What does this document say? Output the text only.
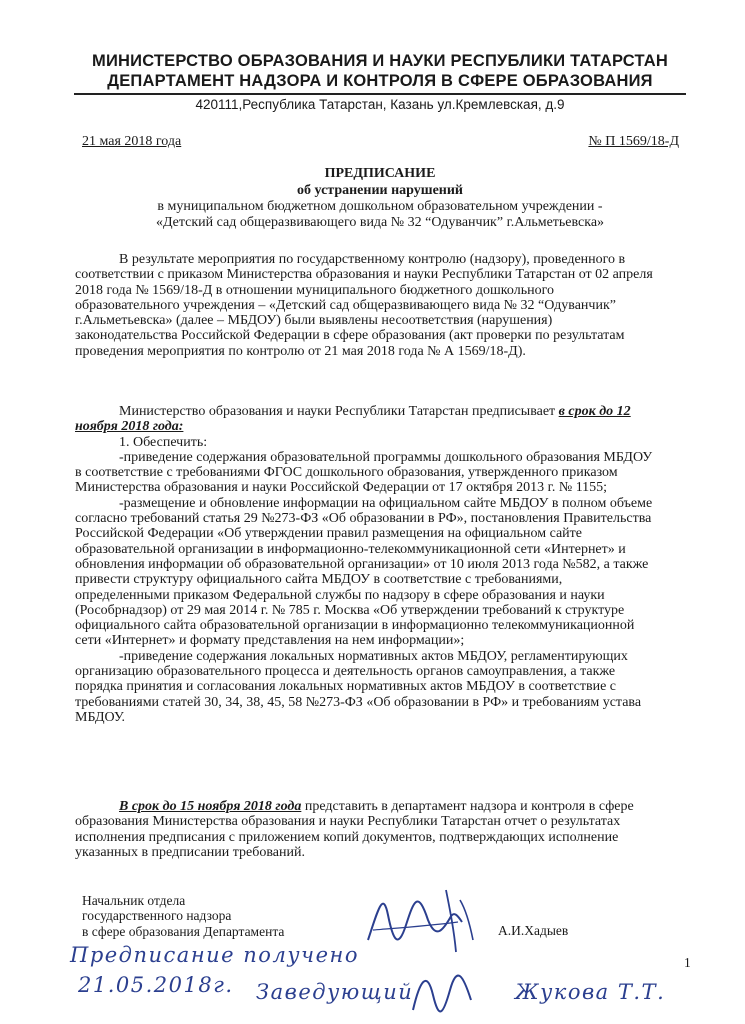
МИНИСТЕРСТВО ОБРАЗОВАНИЯ И НАУКИ РЕСПУБЛИКИ ТАТАРСТАН
ДЕПАРТАМЕНТ НАДЗОРА И КОНТРОЛЯ В СФЕРЕ ОБРАЗОВАНИЯ
420111,Республика Татарстан, Казань ул.Кремлевская, д.9
21 мая 2018 года	№ П 1569/18-Д
ПРЕДПИСАНИЕ
об устранении нарушений
в муниципальном бюджетном дошкольном образовательном учреждении -
«Детский сад общеразвивающего вида № 32 “Одуванчик” г.Альметьевска»
В результате мероприятия по государственному контролю (надзору), проведенного в
соответствии с приказом Министерства образования и науки Республики Татарстан от 02 апреля
2018 года № 1569/18-Д в отношении муниципального бюджетного дошкольного
образовательного учреждения – «Детский сад общеразвивающего вида № 32 “Одуванчик”
г.Альметьевска» (далее – МБДОУ) были выявлены несоответствия (нарушения)
законодательства Российской Федерации в сфере образования (акт проверки по результатам
проведения мероприятия по контролю от 21 мая 2018 года № А 1569/18-Д).
Министерство образования и науки Республики Татарстан предписывает в срок до 12
ноября 2018 года:
1. Обеспечить:
-приведение содержания образовательной программы дошкольного образования МБДОУ
в соответствие с требованиями ФГОС дошкольного образования, утвержденного приказом
Министерства образования и науки Российской Федерации от 17 октября 2013 г. № 1155;
-размещение и обновление информации на официальном сайте МБДОУ в полном объеме
согласно требований статья 29 №273-ФЗ «Об образовании в РФ», постановления Правительства
Российской Федерации «Об утверждении правил размещения на официальном сайте
образовательной организации в информационно-телекоммуникационной сети «Интернет» и
обновления информации об образовательной организации» от 10 июля 2013 года №582, а также
привести структуру официального сайта МБДОУ в соответствие с требованиями,
определенными приказом Федеральной службы по надзору в сфере образования и науки
(Рособрнадзор) от 29 мая 2014 г. № 785 г. Москва «Об утверждении требований к структуре
официального сайта образовательной организации в информационно телекоммуникационной
сети «Интернет» и формату представления на нем информации»;
-приведение содержания локальных нормативных актов МБДОУ, регламентирующих
организацию образовательного процесса и деятельность органов самоуправления, а также
порядка принятия и согласования локальных нормативных актов МБДОУ в соответствие с
требованиями статей 30, 34, 38, 45, 58 №273-ФЗ «Об образовании в РФ» и требованиям устава
МБДОУ.
В срок до 15 ноября 2018 года представить в департамент надзора и контроля в сфере
образования Министерства образования и науки Республики Татарстан отчет о результатах
исполнения предписания с приложением копий документов, подтверждающих исполнение
указанных в предписании требований.
Начальник отдела
государственного надзора
в сфере образования Департамента	А.И.Хадыев
1
Предписание получено
21.05.2018г. Заведующий	Жукова Т.Т.
